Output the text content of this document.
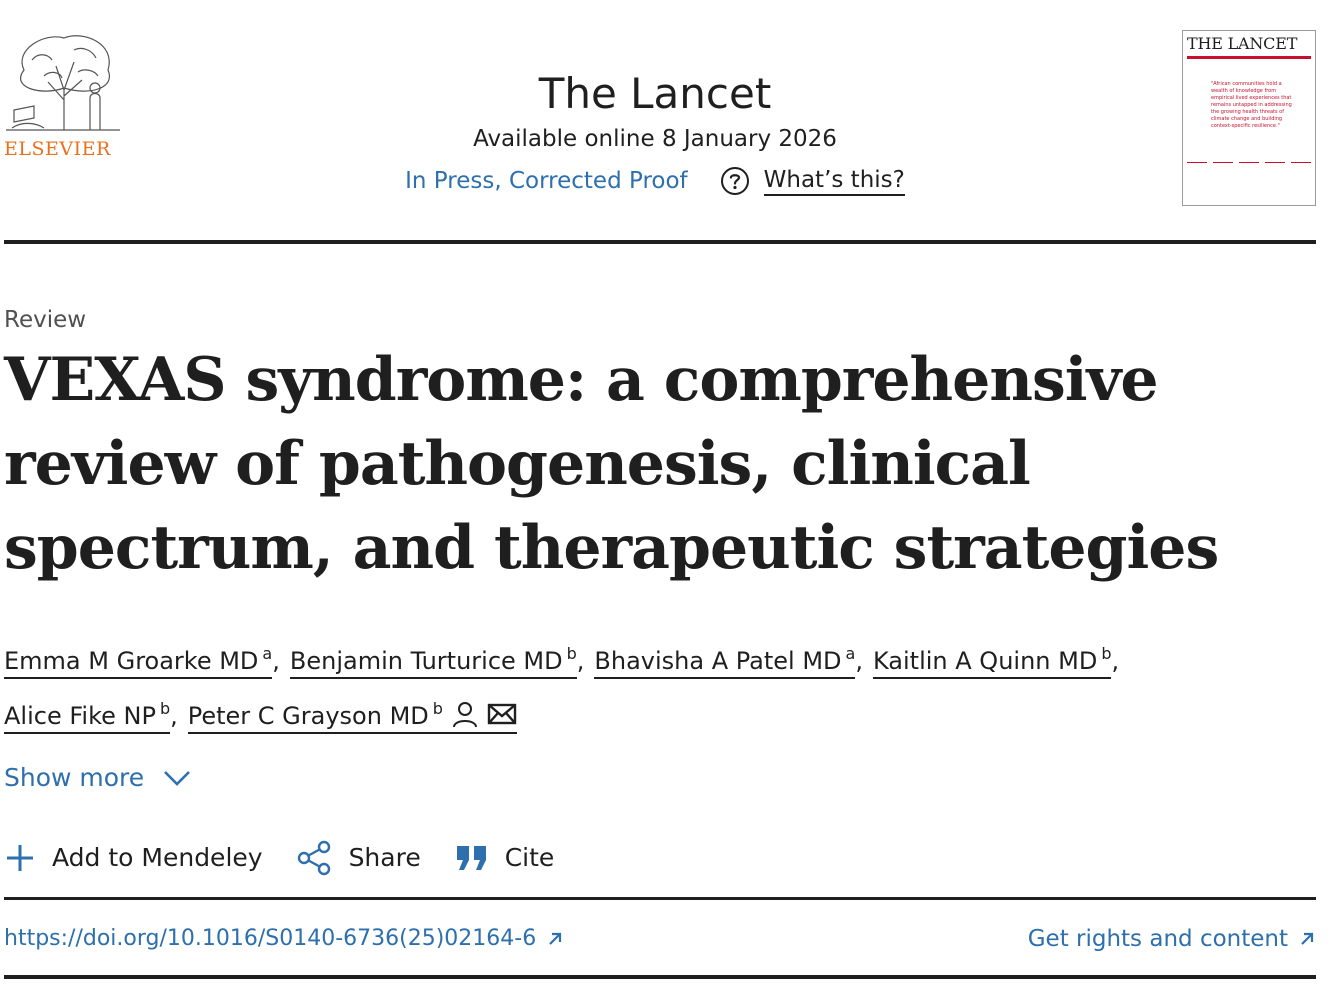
ELSEVIER
The Lancet
Available online 8 January 2026
In Press, Corrected Proof	What’s this?
THE LANCET
"African communities hold a wealth of knowledge from empirical lived experiences that remains untapped in addressing the growing health threats of climate change and building context-specific resilience."
Review
VEXAS syndrome: a comprehensive review of pathogenesis, clinical spectrum, and therapeutic strategies
Emma M Groarke MD $^a$, Benjamin Turturice MD $^b$, Bhavisha A Patel MD $^a$, Kaitlin A Quinn MD $^b$,
Alice Fike NP $^b$, Peter C Grayson MD $^b$
Show more
Add to Mendeley	Share	Cite
https://doi.org/10.1016/S0140-6736(25)02164-6	Get rights and content
